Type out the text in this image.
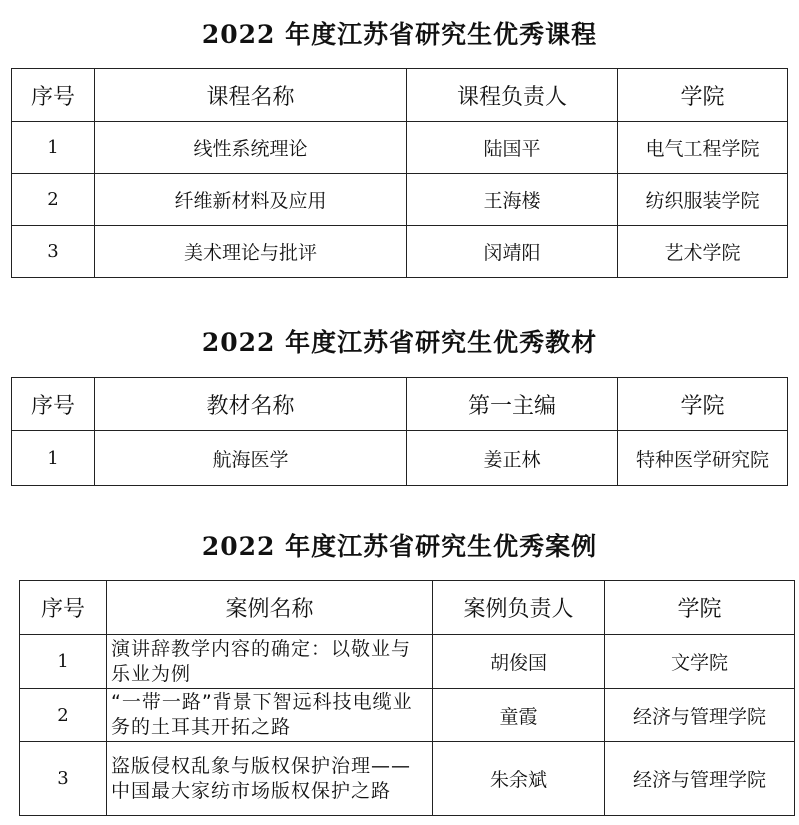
2022 年度江苏省研究生优秀课程
序号	课程名称	课程负责人	学院
1	线性系统理论	陆国平	电气工程学院
2	纤维新材料及应用	王海楼	纺织服装学院
3	美术理论与批评	闵靖阳	艺术学院
2022 年度江苏省研究生优秀教材
序号	教材名称	第一主编	学院
1	航海医学	姜正林	特种医学研究院
2022 年度江苏省研究生优秀案例
序号	案例名称	案例负责人	学院
1	演讲辞教学内容的确定：以敬业与乐业为例	胡俊国	文学院
2	“一带一路”背景下智远科技电缆业务的土耳其开拓之路	童霞	经济与管理学院
3	盗版侵权乱象与版权保护治理——中国最大家纺市场版权保护之路	朱余斌	经济与管理学院
